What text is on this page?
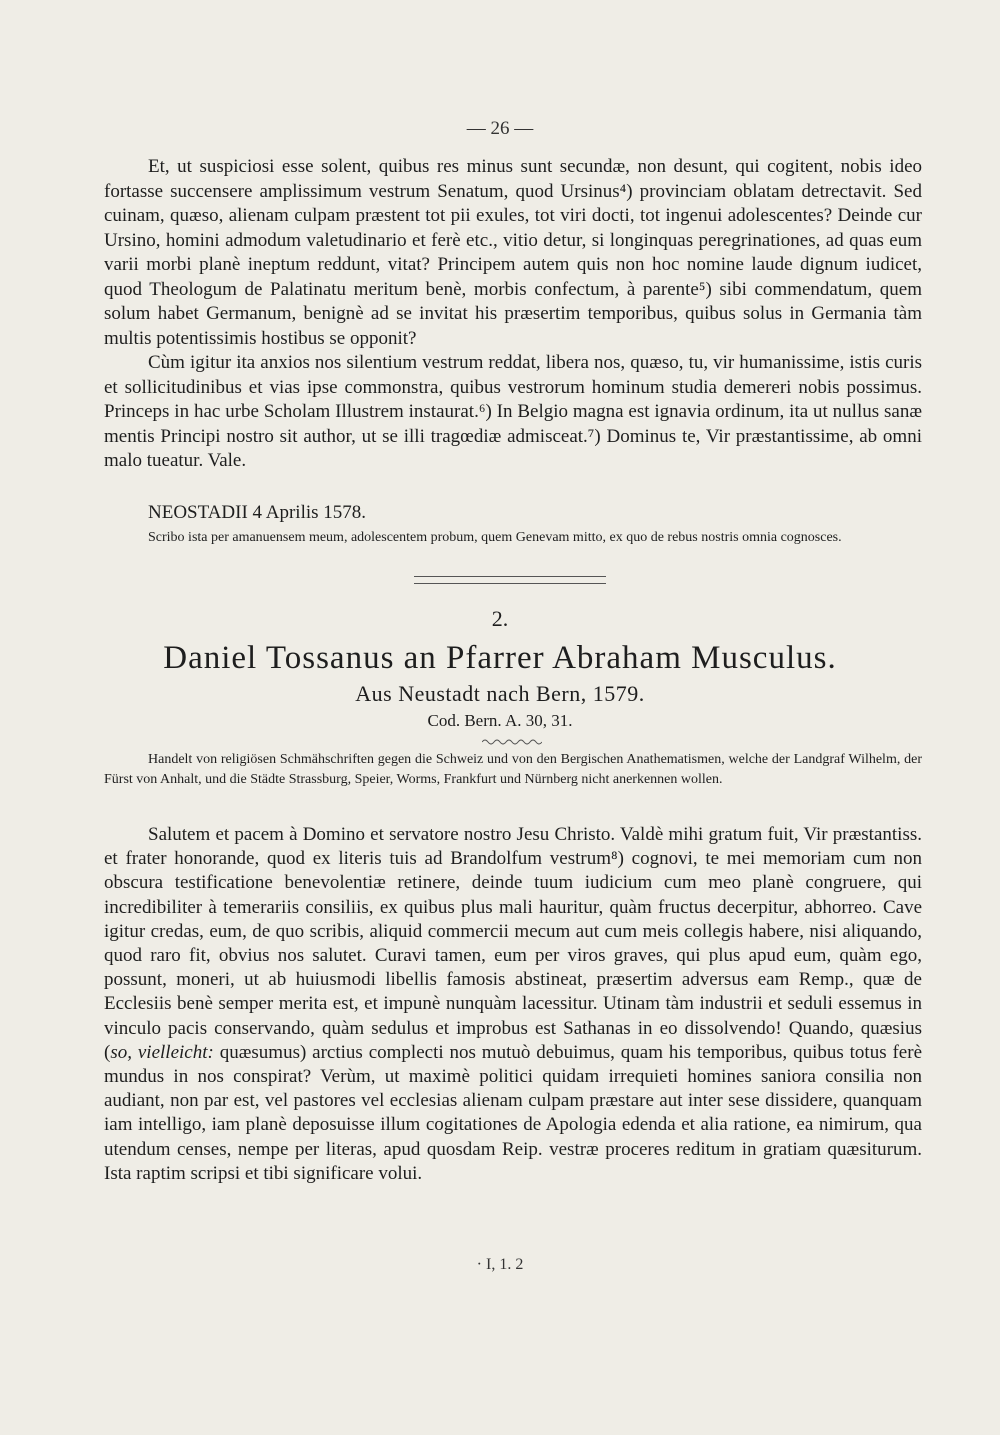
— 26 —

Et, ut suspiciosi esse solent, quibus res minus sunt secundæ, non desunt, qui cogitent, nobis ideo fortasse succensere amplissimum vestrum Senatum, quod Ursinus⁴) provinciam oblatam detrectavit. Sed cuinam, quæso, alienam culpam præstent tot pii exules, tot viri docti, tot ingenui adolescentes? Deinde cur Ursino, homini admodum valetudinario et ferè etc., vitio detur, si longinquas peregrinationes, ad quas eum varii morbi planè ineptum reddunt, vitat? Principem autem quis non hoc nomine laude dignum iudicet, quod Theologum de Palatinatu meritum benè, morbis confectum, à parente⁵) sibi commendatum, quem solum habet Germanum, benignè ad se invitat his præsertim temporibus, quibus solus in Germania tàm multis potentissimis hostibus se opponit?

Cùm igitur ita anxios nos silentium vestrum reddat, libera nos, quæso, tu, vir humanissime, istis curis et sollicitudinibus et vias ipse commonstra, quibus vestrorum hominum studia demereri nobis possimus. Princeps in hac urbe Scholam Illustrem instaurat.⁶) In Belgio magna est ignavia ordinum, ita ut nullus sanæ mentis Principi nostro sit author, ut se illi tragœdiæ admisceat.⁷) Dominus te, Vir præstantissime, ab omni malo tueatur. Vale.

NEOSTADII 4 Aprilis 1578.
Scribo ista per amanuensem meum, adolescentem probum, quem Genevam mitto, ex quo de rebus nostris omnia cognosces.
2.
Daniel Tossanus an Pfarrer Abraham Musculus.
Aus Neustadt nach Bern, 1579.
Cod. Bern. A. 30, 31.
Handelt von religiösen Schmähschriften gegen die Schweiz und von den Bergischen Anathematismen, welche der Landgraf Wilhelm, der Fürst von Anhalt, und die Städte Strassburg, Speier, Worms, Frankfurt und Nürnberg nicht anerkennen wollen.

Salutem et pacem à Domino et servatore nostro Jesu Christo. Valdè mihi gratum fuit, Vir præstantiss. et frater honorande, quod ex literis tuis ad Brandolfum vestrum⁸) cognovi, te mei memoriam cum non obscura testificatione benevolentiæ retinere, deinde tuum iudicium cum meo planè congruere, qui incredibiliter à temerariis consiliis, ex quibus plus mali hauritur, quàm fructus decerpitur, abhorreo. Cave igitur credas, eum, de quo scribis, aliquid commercii mecum aut cum meis collegis habere, nisi aliquando, quod raro fit, obvius nos salutet. Curavi tamen, eum per viros graves, qui plus apud eum, quàm ego, possunt, moneri, ut ab huiusmodi libellis famosis abstineat, præsertim adversus eam Remp., quæ de Ecclesiis benè semper merita est, et impunè nunquàm lacessitur. Utinam tàm industrii et seduli essemus in vinculo pacis conservando, quàm sedulus et improbus est Sathanas in eo dissolvendo! Quando, quæsius (so, vielleicht: quæsumus) arctius complecti nos mutuò debuimus, quam his temporibus, quibus totus ferè mundus in nos conspirat? Verùm, ut maximè politici quidam irrequieti homines saniora consilia non audiant, non par est, vel pastores vel ecclesias alienam culpam præstare aut inter sese dissidere, quanquam iam intelligo, iam planè deposuisse illum cogitationes de Apologia edenda et alia ratione, ea nimirum, qua utendum censes, nempe per literas, apud quosdam Reip. vestræ proceres reditum in gratiam quæsiturum. Ista raptim scripsi et tibi significare volui.

· I, 1. 2
